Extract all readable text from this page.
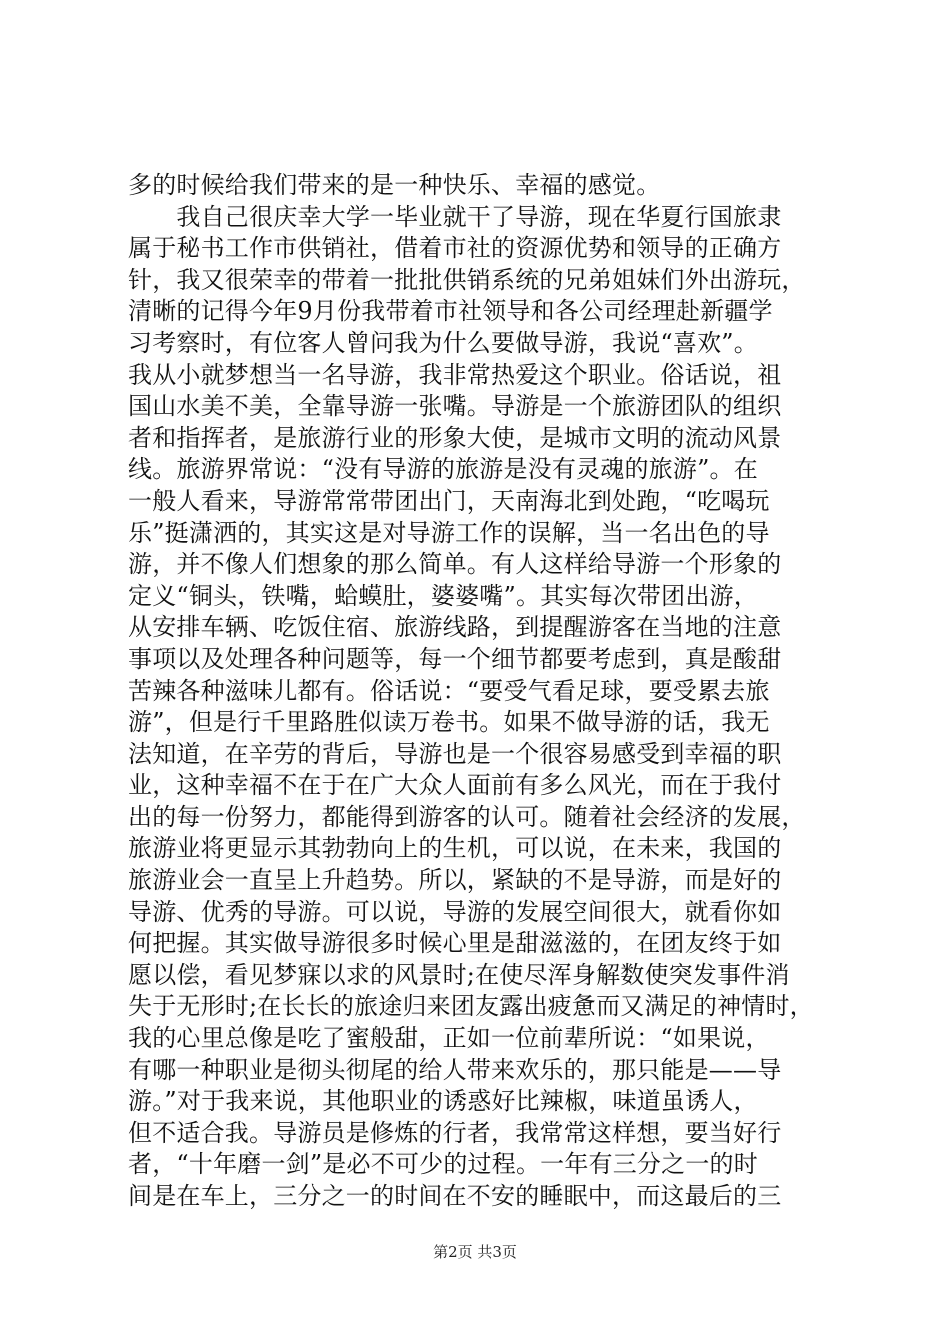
多的时候给我们带来的是一种快乐、幸福的感觉。
　　我自己很庆幸大学一毕业就干了导游，现在华夏行国旅隶
属于秘书工作市供销社，借着市社的资源优势和领导的正确方
针，我又很荣幸的带着一批批供销系统的兄弟姐妹们外出游玩，
清晰的记得今年9月份我带着市社领导和各公司经理赴新疆学
习考察时，有位客人曾问我为什么要做导游，我说“喜欢”。
我从小就梦想当一名导游，我非常热爱这个职业。俗话说，祖
国山水美不美，全靠导游一张嘴。导游是一个旅游团队的组织
者和指挥者，是旅游行业的形象大使，是城市文明的流动风景
线。旅游界常说：“没有导游的旅游是没有灵魂的旅游”。在
一般人看来，导游常常带团出门，天南海北到处跑，“吃喝玩
乐”挺潇洒的，其实这是对导游工作的误解，当一名出色的导
游，并不像人们想象的那么简单。有人这样给导游一个形象的
定义“铜头，铁嘴，蛤蟆肚，婆婆嘴”。其实每次带团出游，
从安排车辆、吃饭住宿、旅游线路，到提醒游客在当地的注意
事项以及处理各种问题等，每一个细节都要考虑到，真是酸甜
苦辣各种滋味儿都有。俗话说：“要受气看足球，要受累去旅
游”，但是行千里路胜似读万卷书。如果不做导游的话，我无
法知道，在辛劳的背后，导游也是一个很容易感受到幸福的职
业，这种幸福不在于在广大众人面前有多么风光，而在于我付
出的每一份努力，都能得到游客的认可。随着社会经济的发展，
旅游业将更显示其勃勃向上的生机，可以说，在未来，我国的
旅游业会一直呈上升趋势。所以，紧缺的不是导游，而是好的
导游、优秀的导游。可以说，导游的发展空间很大，就看你如
何把握。其实做导游很多时候心里是甜滋滋的，在团友终于如
愿以偿，看见梦寐以求的风景时;在使尽浑身解数使突发事件消
失于无形时;在长长的旅途归来团友露出疲惫而又满足的神情时，
我的心里总像是吃了蜜般甜，正如一位前辈所说：“如果说，
有哪一种职业是彻头彻尾的给人带来欢乐的，那只能是——导
游。”对于我来说，其他职业的诱惑好比辣椒，味道虽诱人，
但不适合我。导游员是修炼的行者，我常常这样想，要当好行
者，“十年磨一剑”是必不可少的过程。一年有三分之一的时
间是在车上，三分之一的时间在不安的睡眠中，而这最后的三
第2页 共3页
